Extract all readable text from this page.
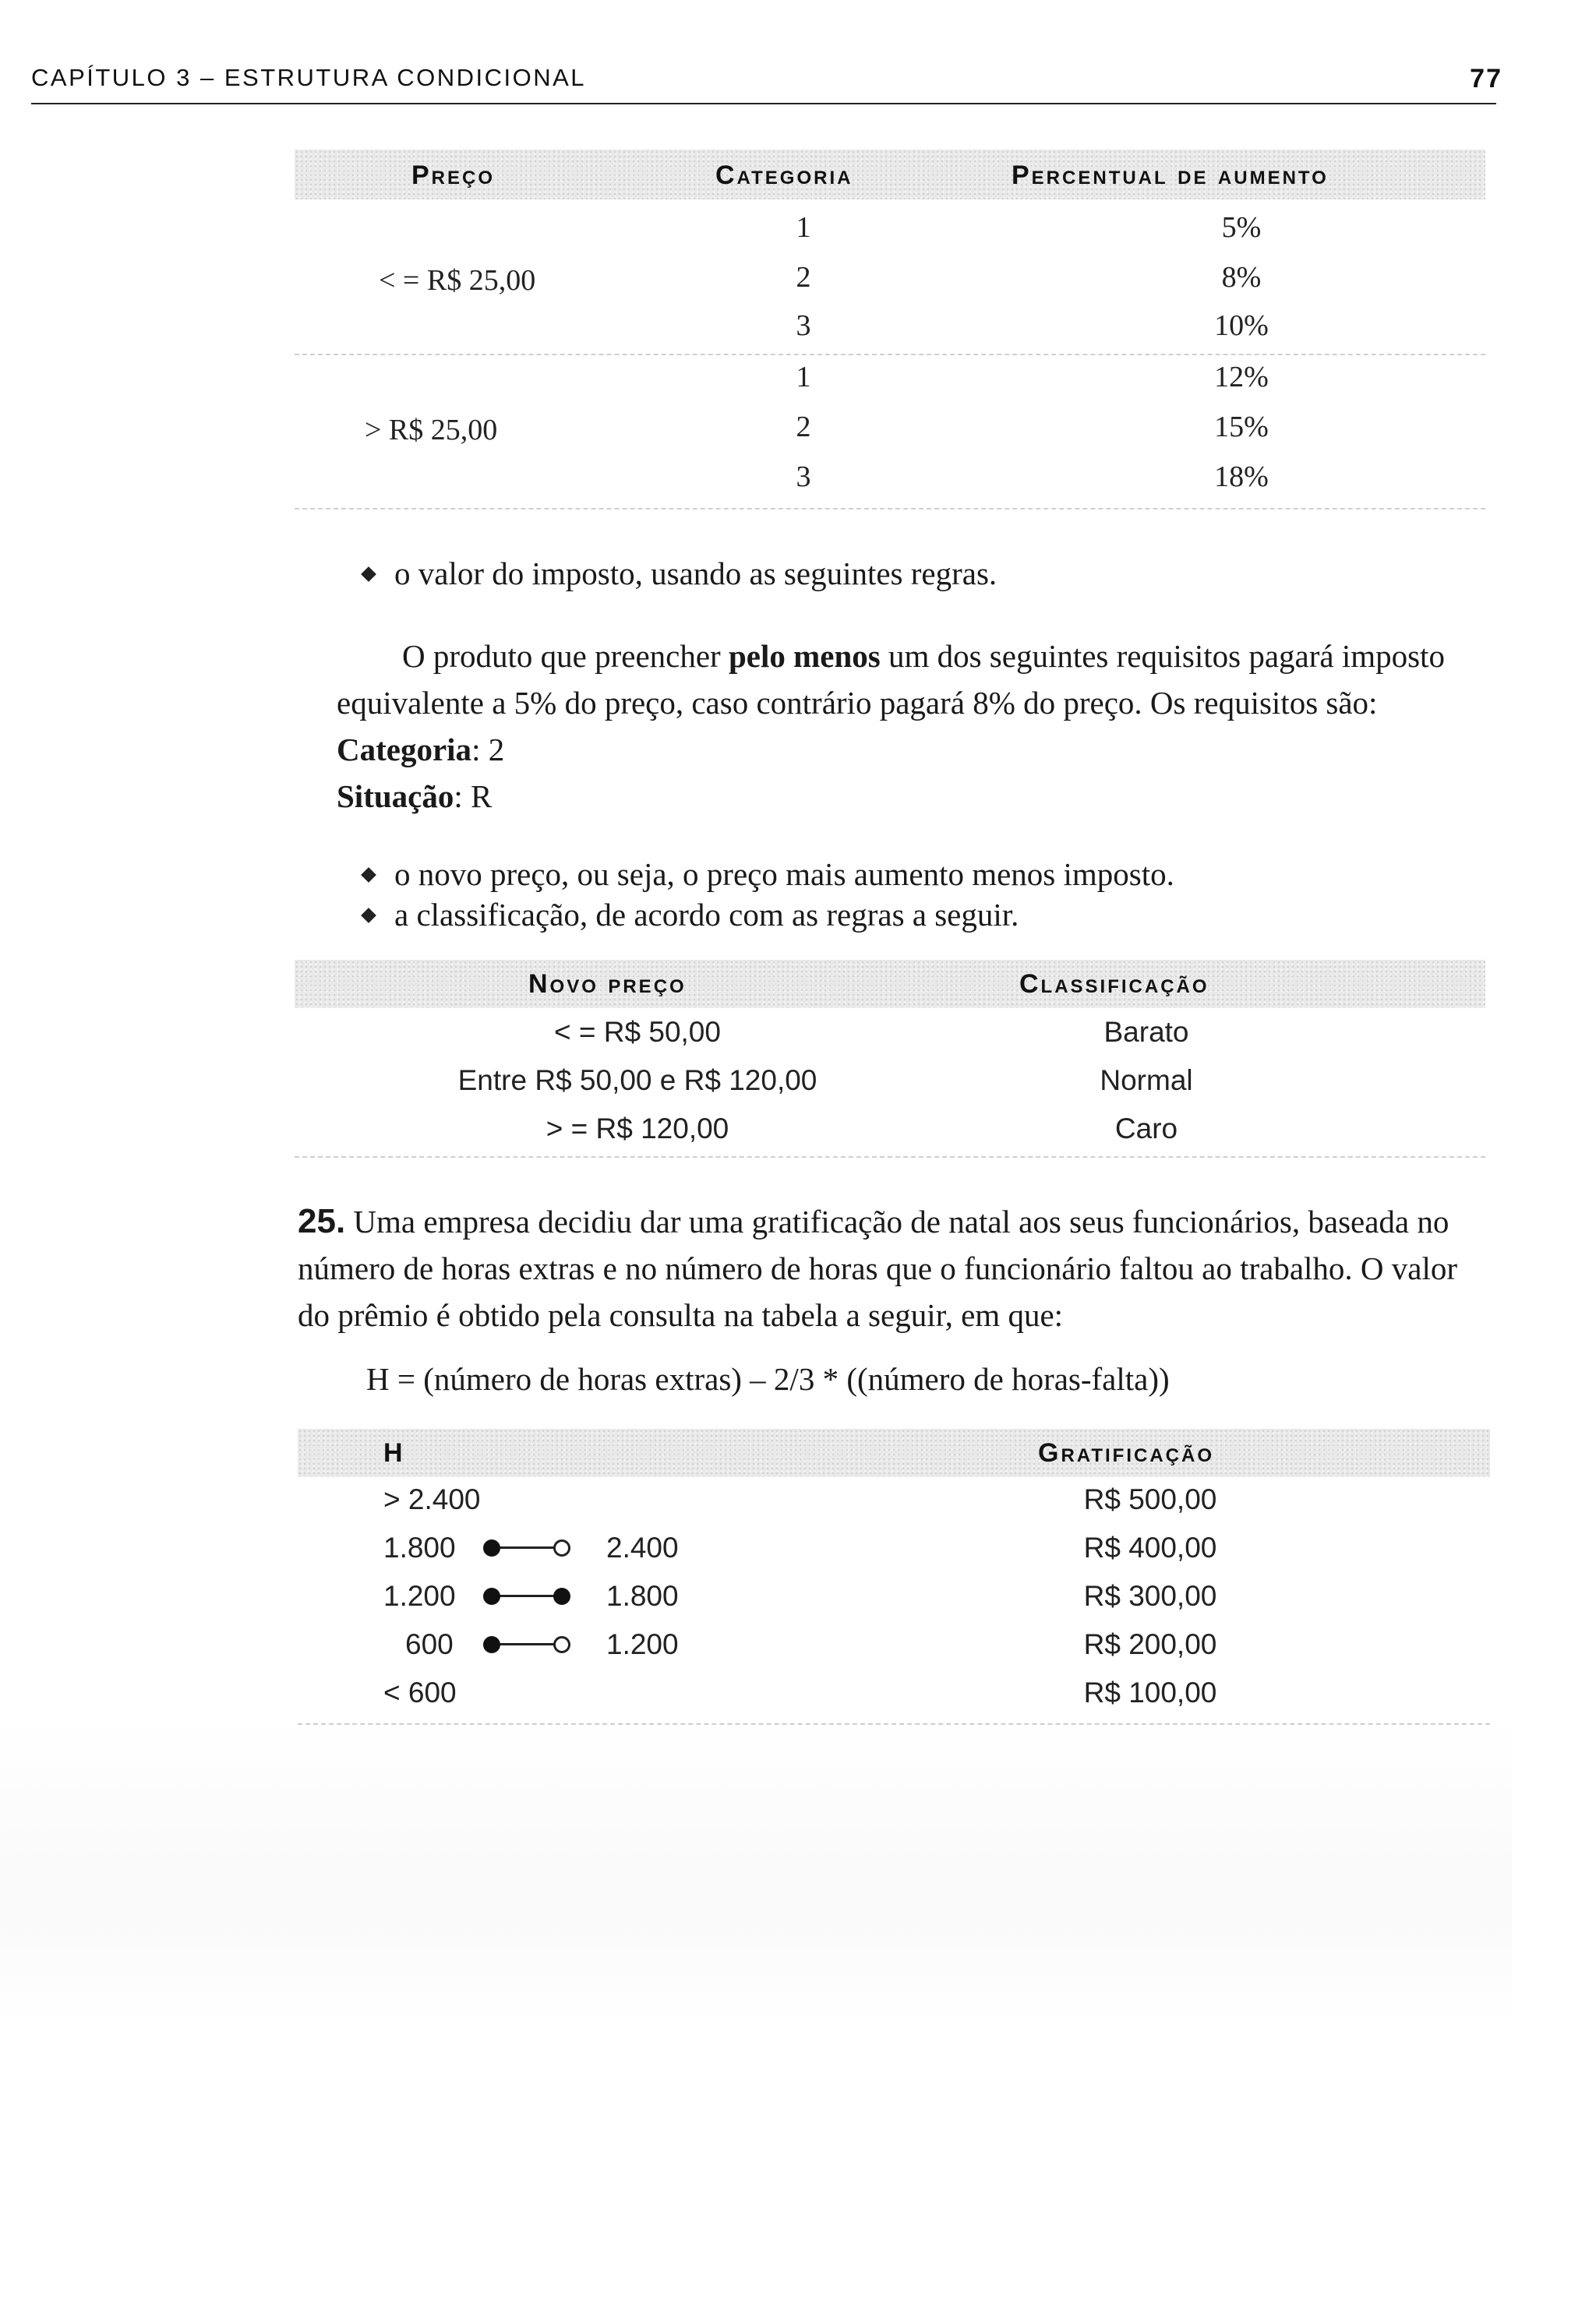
CAPÍTULO 3 – ESTRUTURA CONDICIONAL	77
Preço	Categoria	Percentual de aumento
< = R$ 25,00
1	5%
2	8%
3	10%
> R$ 25,00
1	12%
2	15%
3	18%
o valor do imposto, usando as seguintes regras.
O produto que preencher pelo menos um dos seguintes requisitos pagará imposto
equivalente a 5% do preço, caso contrário pagará 8% do preço. Os requisitos são:
Categoria: 2
Situação: R
o novo preço, ou seja, o preço mais aumento menos imposto.
a classificação, de acordo com as regras a seguir.
Novo preço	Classificação
< = R$ 50,00	Barato
Entre R$ 50,00 e R$ 120,00	Normal
> = R$ 120,00	Caro
25. Uma empresa decidiu dar uma gratificação de natal aos seus funcionários, baseada no
número de horas extras e no número de horas que o funcionário faltou ao trabalho. O valor
do prêmio é obtido pela consulta na tabela a seguir, em que:
H = (número de horas extras) – 2/3 * ((número de horas-falta))
H	Gratificação
> 2.400	R$ 500,00
1.800	2.400	R$ 400,00
1.200	1.800	R$ 300,00
600	1.200	R$ 200,00
< 600	R$ 100,00
